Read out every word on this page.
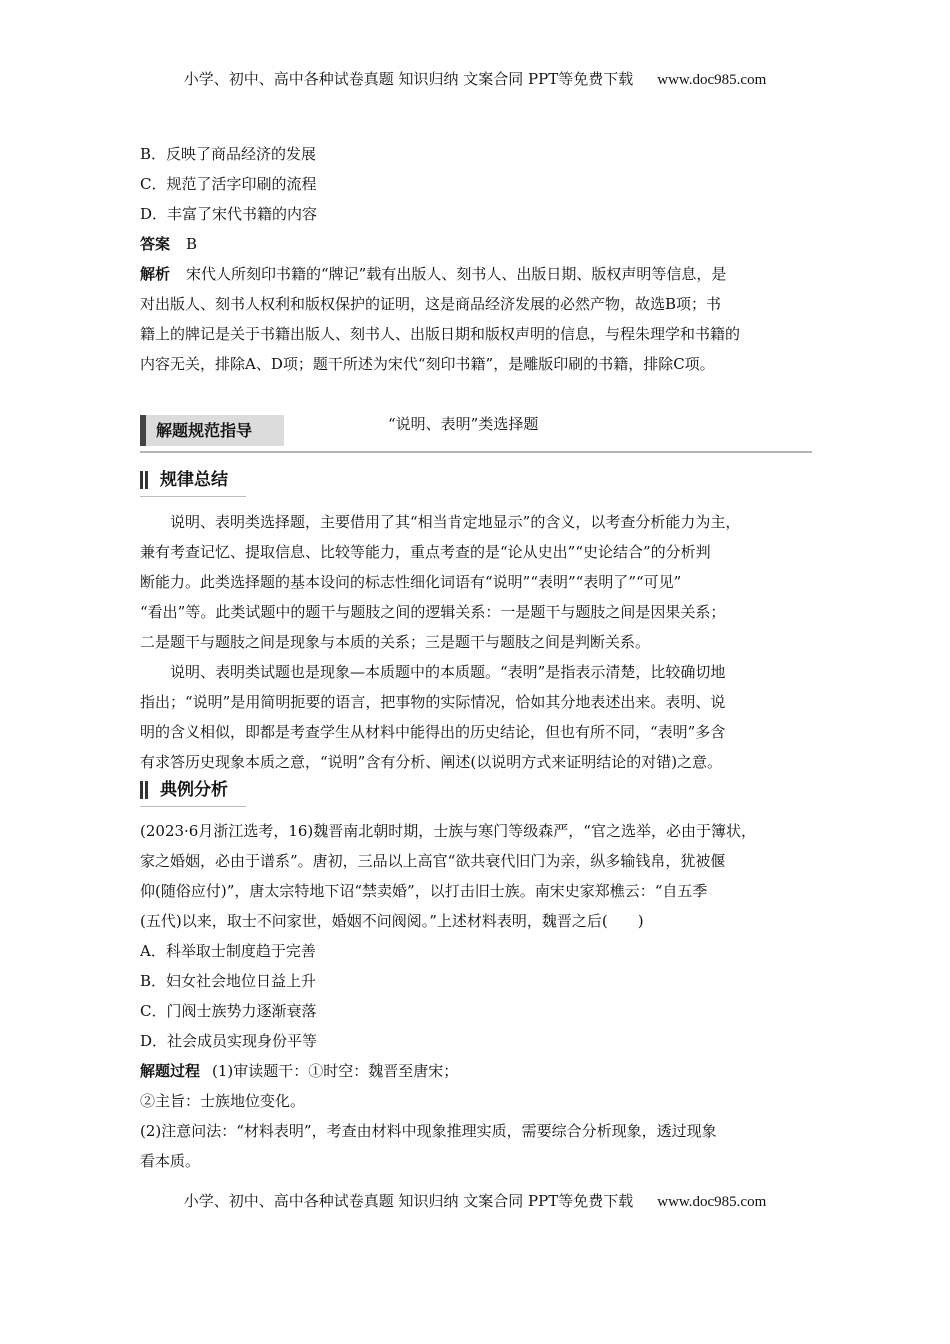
小学、初中、高中各种试卷真题 知识归纳 文案合同 PPT等免费下载 www.doc985.com
B．反映了商品经济的发展
C．规范了活字印刷的流程
D．丰富了宋代书籍的内容
答案 B
解析 宋代人所刻印书籍的“牌记”载有出版人、刻书人、出版日期、版权声明等信息，是
对出版人、刻书人权利和版权保护的证明，这是商品经济发展的必然产物，故选B项；书
籍上的牌记是关于书籍出版人、刻书人、出版日期和版权声明的信息，与程朱理学和书籍的
内容无关，排除A、D项；题干所述为宋代“刻印书籍”，是雕版印刷的书籍，排除C项。
解题规范指导	“说明、表明”类选择题
规律总结
说明、表明类选择题，主要借用了其“相当肯定地显示”的含义，以考查分析能力为主，
兼有考查记忆、提取信息、比较等能力，重点考查的是“论从史出”“史论结合”的分析判
断能力。此类选择题的基本设问的标志性细化词语有“说明”“表明”“表明了”“可见”
“看出”等。此类试题中的题干与题肢之间的逻辑关系：一是题干与题肢之间是因果关系；
二是题干与题肢之间是现象与本质的关系；三是题干与题肢之间是判断关系。
说明、表明类试题也是现象—本质题中的本质题。“表明”是指表示清楚，比较确切地
指出；“说明”是用简明扼要的语言，把事物的实际情况，恰如其分地表述出来。表明、说
明的含义相似，即都是考查学生从材料中能得出的历史结论，但也有所不同，“表明”多含
有求答历史现象本质之意，“说明”含有分析、阐述(以说明方式来证明结论的对错)之意。
典例分析
(2023·6月浙江选考，16)魏晋南北朝时期，士族与寒门等级森严，“官之选举，必由于簿状，
家之婚姻，必由于谱系”。唐初，三品以上高官“欲共衰代旧门为亲，纵多输钱帛，犹被偃
仰(随俗应付)”，唐太宗特地下诏“禁卖婚”，以打击旧士族。南宋史家郑樵云：“自五季
(五代)以来，取士不问家世，婚姻不问阀阅。”上述材料表明，魏晋之后(　　)
A．科举取士制度趋于完善
B．妇女社会地位日益上升
C．门阀士族势力逐渐衰落
D．社会成员实现身份平等
解题过程 (1)审读题干：①时空：魏晋至唐宋；
②主旨：士族地位变化。
(2)注意问法：“材料表明”，考查由材料中现象推理实质，需要综合分析现象，透过现象
看本质。
小学、初中、高中各种试卷真题 知识归纳 文案合同 PPT等免费下载 www.doc985.com
